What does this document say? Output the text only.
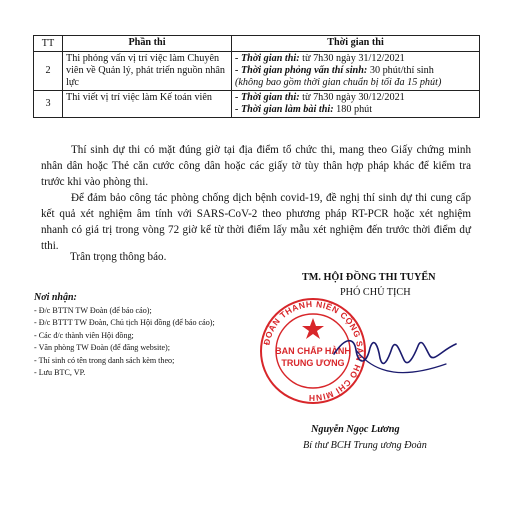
TT	Phần thi	Thời gian thi
2	Thi phỏng vấn vị trí việc làm Chuyên viên về Quản lý, phát triển nguồn nhân lực	- Thời gian thi: từ 7h30 ngày 31/12/2021
- Thời gian phỏng vấn thí sinh: 30 phút/thí sinh
(không bao gồm thời gian chuẩn bị tối đa 15 phút)

3	Thi viết vị trí việc làm Kế toán viên	- Thời gian thi: từ 7h30 ngày 30/12/2021
- Thời gian làm bài thi: 180 phút

Thí sinh dự thi có mặt đúng giờ tại địa điểm tổ chức thi, mang theo Giấy chứng minh nhân dân hoặc Thẻ căn cước công dân hoặc các giấy tờ tùy thân hợp pháp khác để kiểm tra trước khi vào phòng thi.

Để đảm bảo công tác phòng chống dịch bệnh covid-19, đề nghị thí sinh dự thi cung cấp kết quả xét nghiệm âm tính với SARS-CoV-2 theo phương pháp RT-PCR hoặc xét nghiệm nhanh có giá trị trong vòng 72 giờ kể từ thời điểm lấy mẫu xét nghiệm đến trước thời điểm dự tthi.

Trân trọng thông báo.
Nơi nhận:
- Đ/c BTTN TW Đoàn (để báo cáo);
- Đ/c BTTT TW Đoàn, Chủ tịch Hội đồng (để báo cáo);
- Các đ/c thành viên Hội đồng;
- Văn phòng TW Đoàn (để đăng website);
- Thí sinh có tên trong danh sách kèm theo;
- Lưu BTC, VP.
TM. HỘI ĐỒNG THI TUYỂN
PHÓ CHỦ TỊCH
ĐOÀN THANH NIÊN CỘNG SẢN HỒ CHÍ MINH
BAN CHẤP HÀNH
TRUNG ƯƠNG
Nguyễn Ngọc Lương
Bí thư BCH Trung ương Đoàn
